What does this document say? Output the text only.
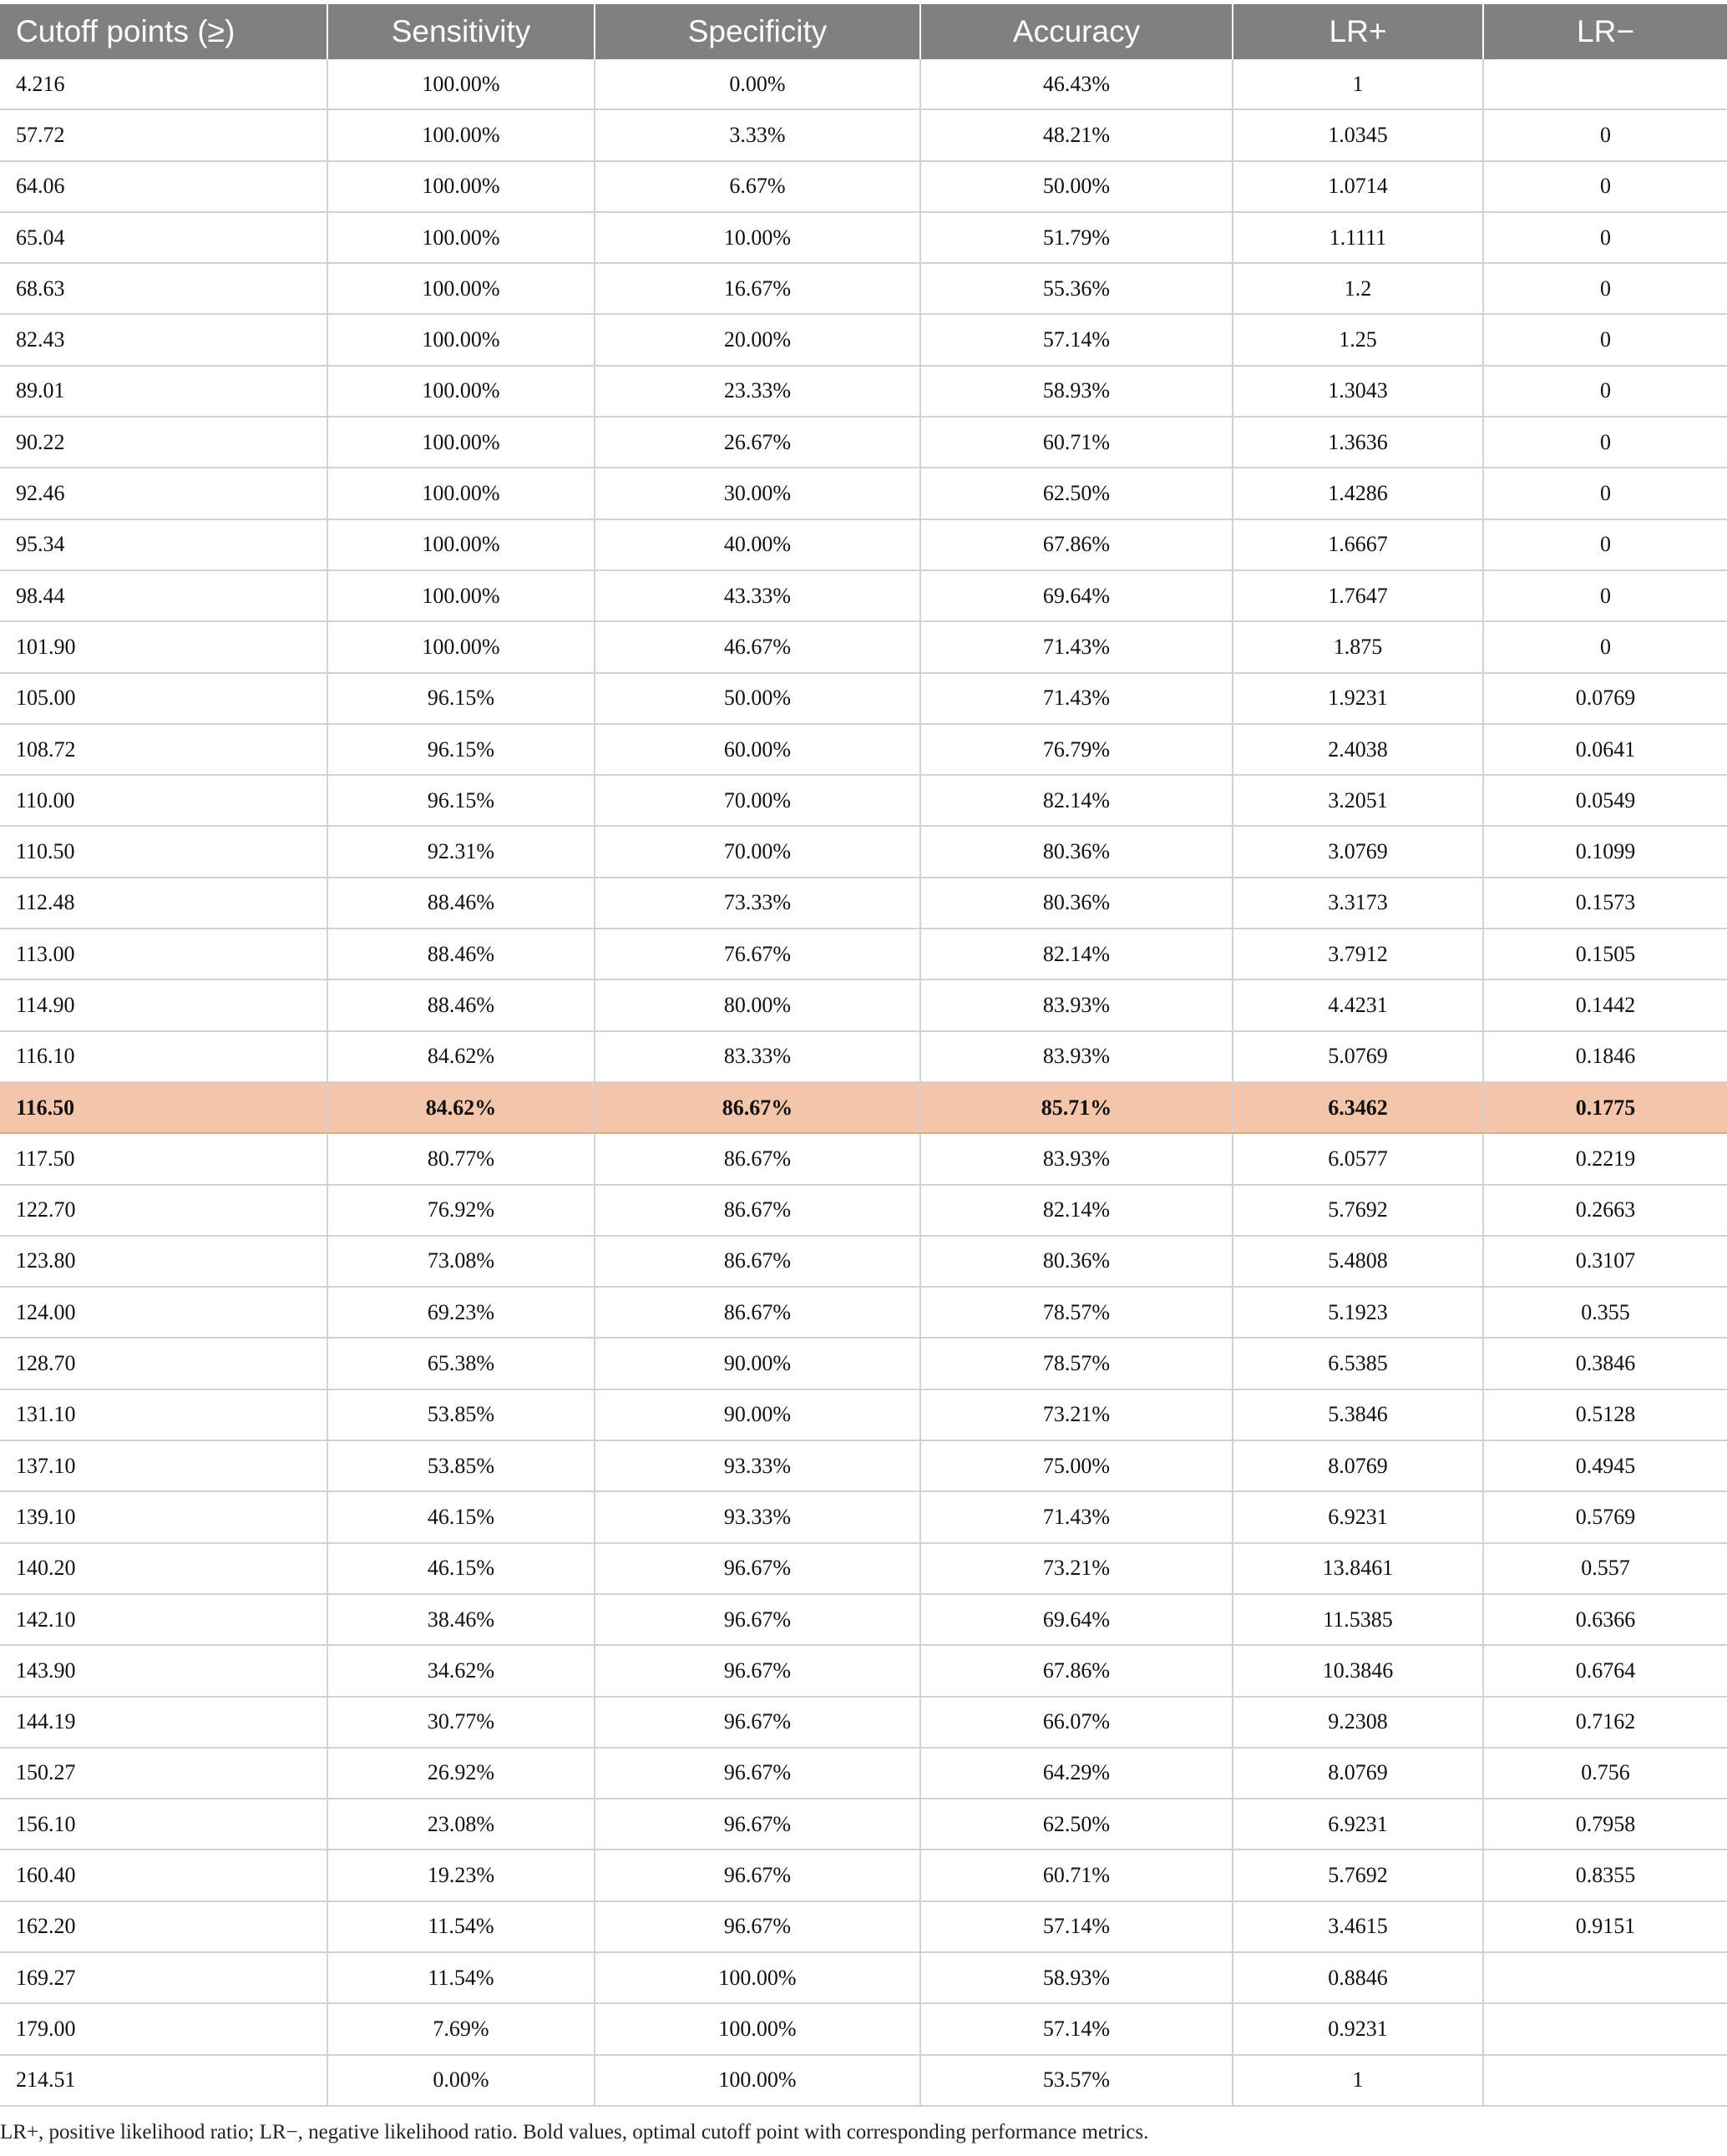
Cutoff points (≥)	Sensitivity	Specificity	Accuracy	LR+	LR−
4.216	100.00%	0.00%	46.43%	1	
57.72	100.00%	3.33%	48.21%	1.0345	0
64.06	100.00%	6.67%	50.00%	1.0714	0
65.04	100.00%	10.00%	51.79%	1.1111	0
68.63	100.00%	16.67%	55.36%	1.2	0
82.43	100.00%	20.00%	57.14%	1.25	0
89.01	100.00%	23.33%	58.93%	1.3043	0
90.22	100.00%	26.67%	60.71%	1.3636	0
92.46	100.00%	30.00%	62.50%	1.4286	0
95.34	100.00%	40.00%	67.86%	1.6667	0
98.44	100.00%	43.33%	69.64%	1.7647	0
101.90	100.00%	46.67%	71.43%	1.875	0
105.00	96.15%	50.00%	71.43%	1.9231	0.0769
108.72	96.15%	60.00%	76.79%	2.4038	0.0641
110.00	96.15%	70.00%	82.14%	3.2051	0.0549
110.50	92.31%	70.00%	80.36%	3.0769	0.1099
112.48	88.46%	73.33%	80.36%	3.3173	0.1573
113.00	88.46%	76.67%	82.14%	3.7912	0.1505
114.90	88.46%	80.00%	83.93%	4.4231	0.1442
116.10	84.62%	83.33%	83.93%	5.0769	0.1846
116.50	84.62%	86.67%	85.71%	6.3462	0.1775
117.50	80.77%	86.67%	83.93%	6.0577	0.2219
122.70	76.92%	86.67%	82.14%	5.7692	0.2663
123.80	73.08%	86.67%	80.36%	5.4808	0.3107
124.00	69.23%	86.67%	78.57%	5.1923	0.355
128.70	65.38%	90.00%	78.57%	6.5385	0.3846
131.10	53.85%	90.00%	73.21%	5.3846	0.5128
137.10	53.85%	93.33%	75.00%	8.0769	0.4945
139.10	46.15%	93.33%	71.43%	6.9231	0.5769
140.20	46.15%	96.67%	73.21%	13.8461	0.557
142.10	38.46%	96.67%	69.64%	11.5385	0.6366
143.90	34.62%	96.67%	67.86%	10.3846	0.6764
144.19	30.77%	96.67%	66.07%	9.2308	0.7162
150.27	26.92%	96.67%	64.29%	8.0769	0.756
156.10	23.08%	96.67%	62.50%	6.9231	0.7958
160.40	19.23%	96.67%	60.71%	5.7692	0.8355
162.20	11.54%	96.67%	57.14%	3.4615	0.9151
169.27	11.54%	100.00%	58.93%	0.8846	
179.00	7.69%	100.00%	57.14%	0.9231	
214.51	0.00%	100.00%	53.57%	1	
LR+, positive likelihood ratio; LR−, negative likelihood ratio. Bold values, optimal cutoff point with corresponding performance metrics.
